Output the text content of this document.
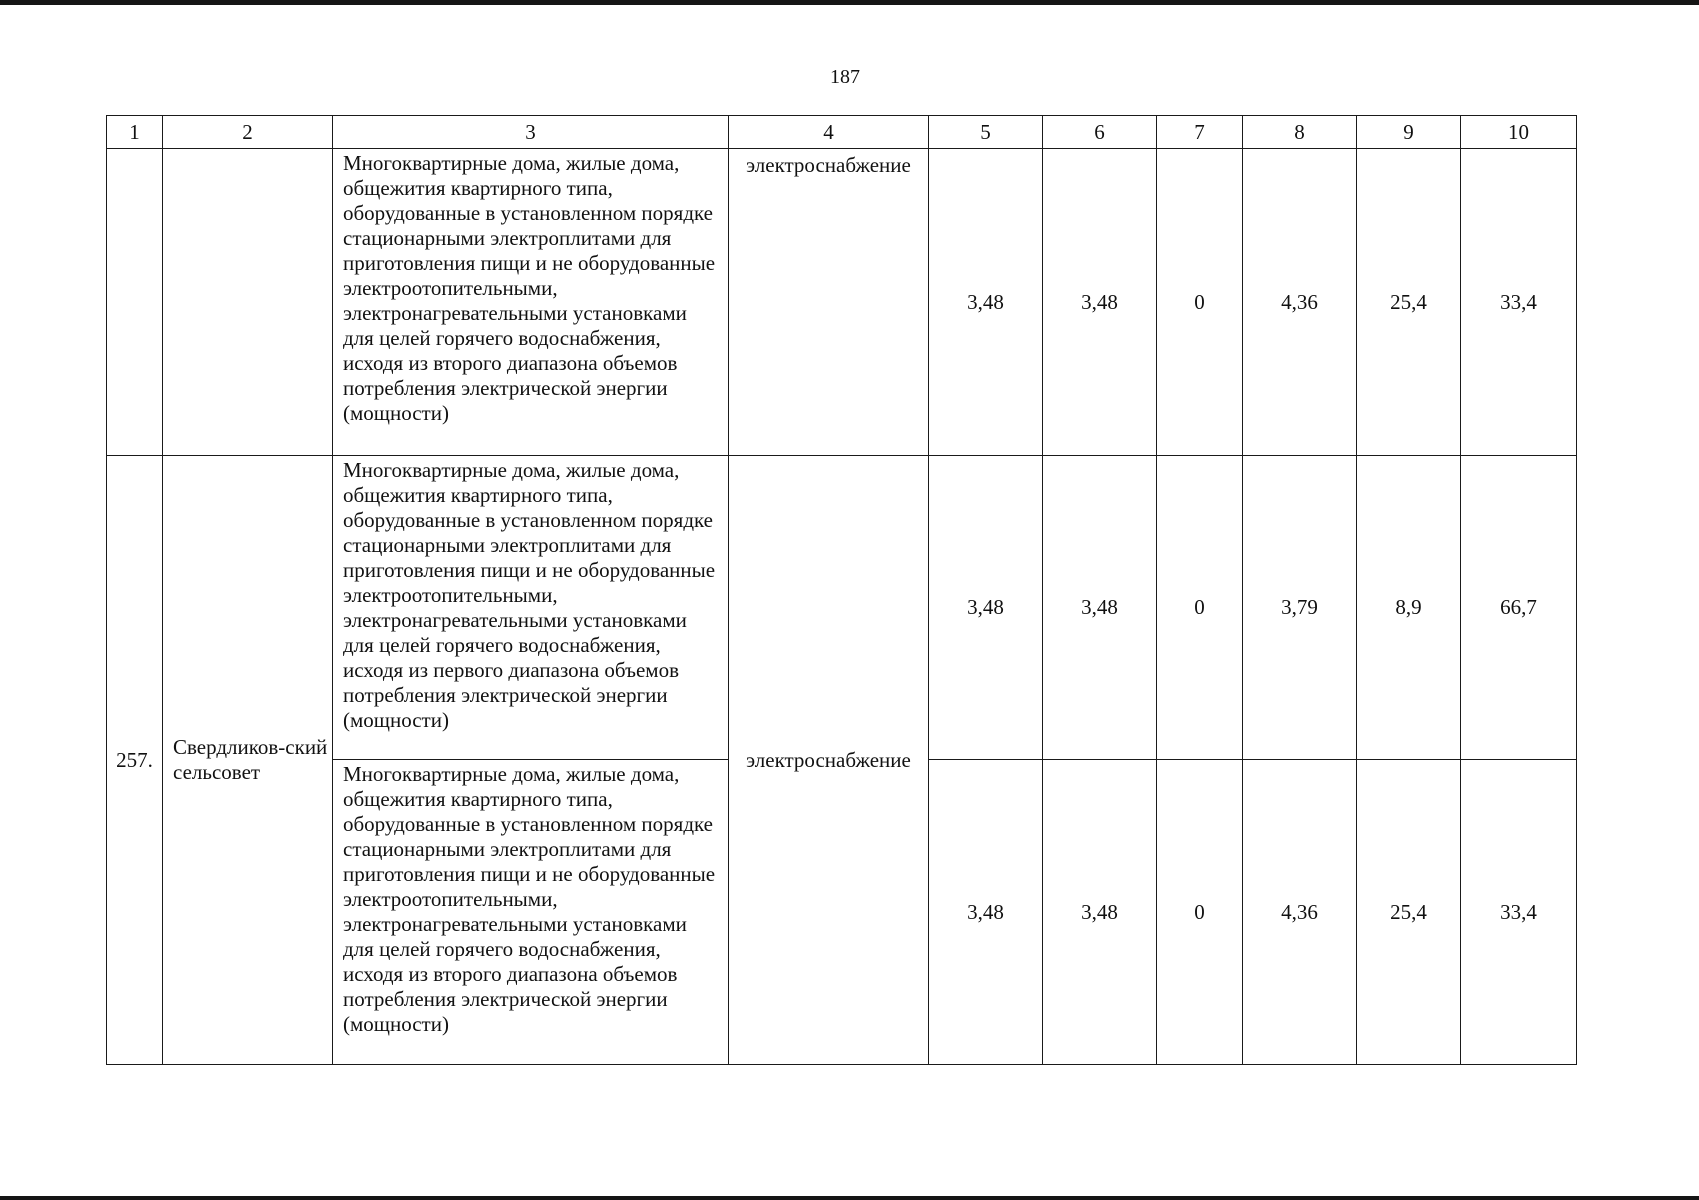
187
1	2	3	4	5	6	7	8	9	10
		Многоквартирные дома, жилые дома, общежития квартирного типа, оборудованные в установленном порядке стационарными электроплитами для приготовления пищи и не оборудованные электроотопительными, электронагревательными установками для целей горячего водоснабжения, исходя из второго диапазона объемов потребления электрической энергии (мощности)	электроснабжение	3,48	3,48	0	4,36	25,4	33,4
257.	Свердликов-ский сельсовет	Многоквартирные дома, жилые дома, общежития квартирного типа, оборудованные в установленном порядке стационарными электроплитами для приготовления пищи и не оборудованные электроотопительными, электронагревательными установками для целей горячего водоснабжения, исходя из первого диапазона объемов потребления электрической энергии (мощности)	электроснабжение	3,48	3,48	0	3,79	8,9	66,7
		Многоквартирные дома, жилые дома, общежития квартирного типа, оборудованные в установленном порядке стационарными электроплитами для приготовления пищи и не оборудованные электроотопительными, электронагревательными установками для целей горячего водоснабжения, исходя из второго диапазона объемов потребления электрической энергии (мощности)		3,48	3,48	0	4,36	25,4	33,4
